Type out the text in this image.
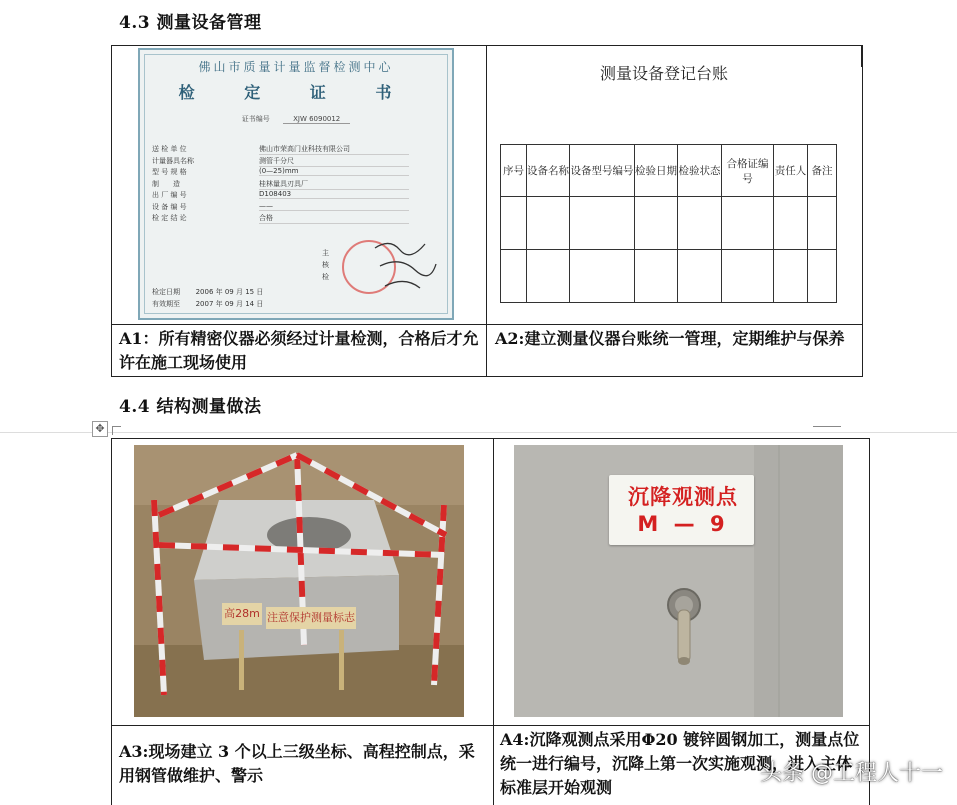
4.3 测量设备管理
佛山市质量计量监督检测中心
检 定 证 书
证书编号	XJW 6090012
送 检 单 位	佛山市荣高门业科技有限公司
计量器具名称	测管千分尺
型 号 规 格	(0—25)mm
制　　造	桂林量具刃具厂
出 厂 编 号	D108403
设 备 编 号	——
检 定 结 论	合格
主
核
检
检定日期 2006 年 09 月 15 日
有效期至 2007 年 09 月 14 日
测量设备登记台账
序号	设备名称	设备型号编号	检验日期	检验状态	合格证编号	责任人	备注

A1：所有精密仪器必须经过计量检测，合格后才允许在施工现场使用
A2:建立测量仪器台账统一管理，定期维护与保养
4.4 结构测量做法
✥
高28m 注意保护测量标志
沉降观测点
M — 9
A3:现场建立 3 个以上三级坐标、高程控制点，采用钢管做维护、警示
A4:沉降观测点采用Φ20 镀锌圆钢加工，测量点位统一进行编号，沉降上第一次实施观测，进入主体标准层开始观测
头条 @工程人十一
